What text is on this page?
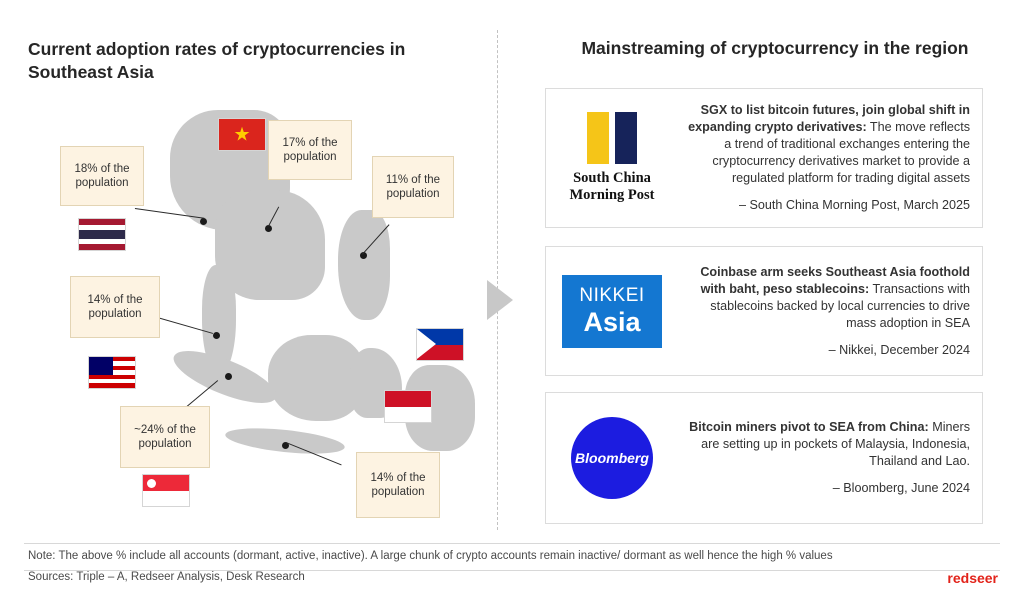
Current adoption rates of cryptocurrencies in Southeast Asia
18% of the population
17% of the population
11% of the population
14% of the population
~24% of the population
14% of the population
★
Mainstreaming of cryptocurrency in the region
South China Morning Post
SGX to list bitcoin futures, join global shift in expanding crypto derivatives: The move reflects a trend of traditional exchanges entering the cryptocurrency derivatives market to provide a regulated platform for trading digital assets
– South China Morning Post, March 2025
NIKKEI
Asia
Coinbase arm seeks Southeast Asia foothold with baht, peso stablecoins: Transactions with stablecoins backed by local currencies to drive mass adoption in SEA
– Nikkei, December 2024
Bloomberg
Bitcoin miners pivot to SEA from China: Miners are setting up in pockets of Malaysia, Indonesia, Thailand and Lao.
– Bloomberg, June 2024
Note: The above % include all accounts (dormant, active, inactive). A large chunk of crypto accounts remain inactive/ dormant as well hence the high % values
Sources: Triple – A, Redseer Analysis, Desk Research	redseer
